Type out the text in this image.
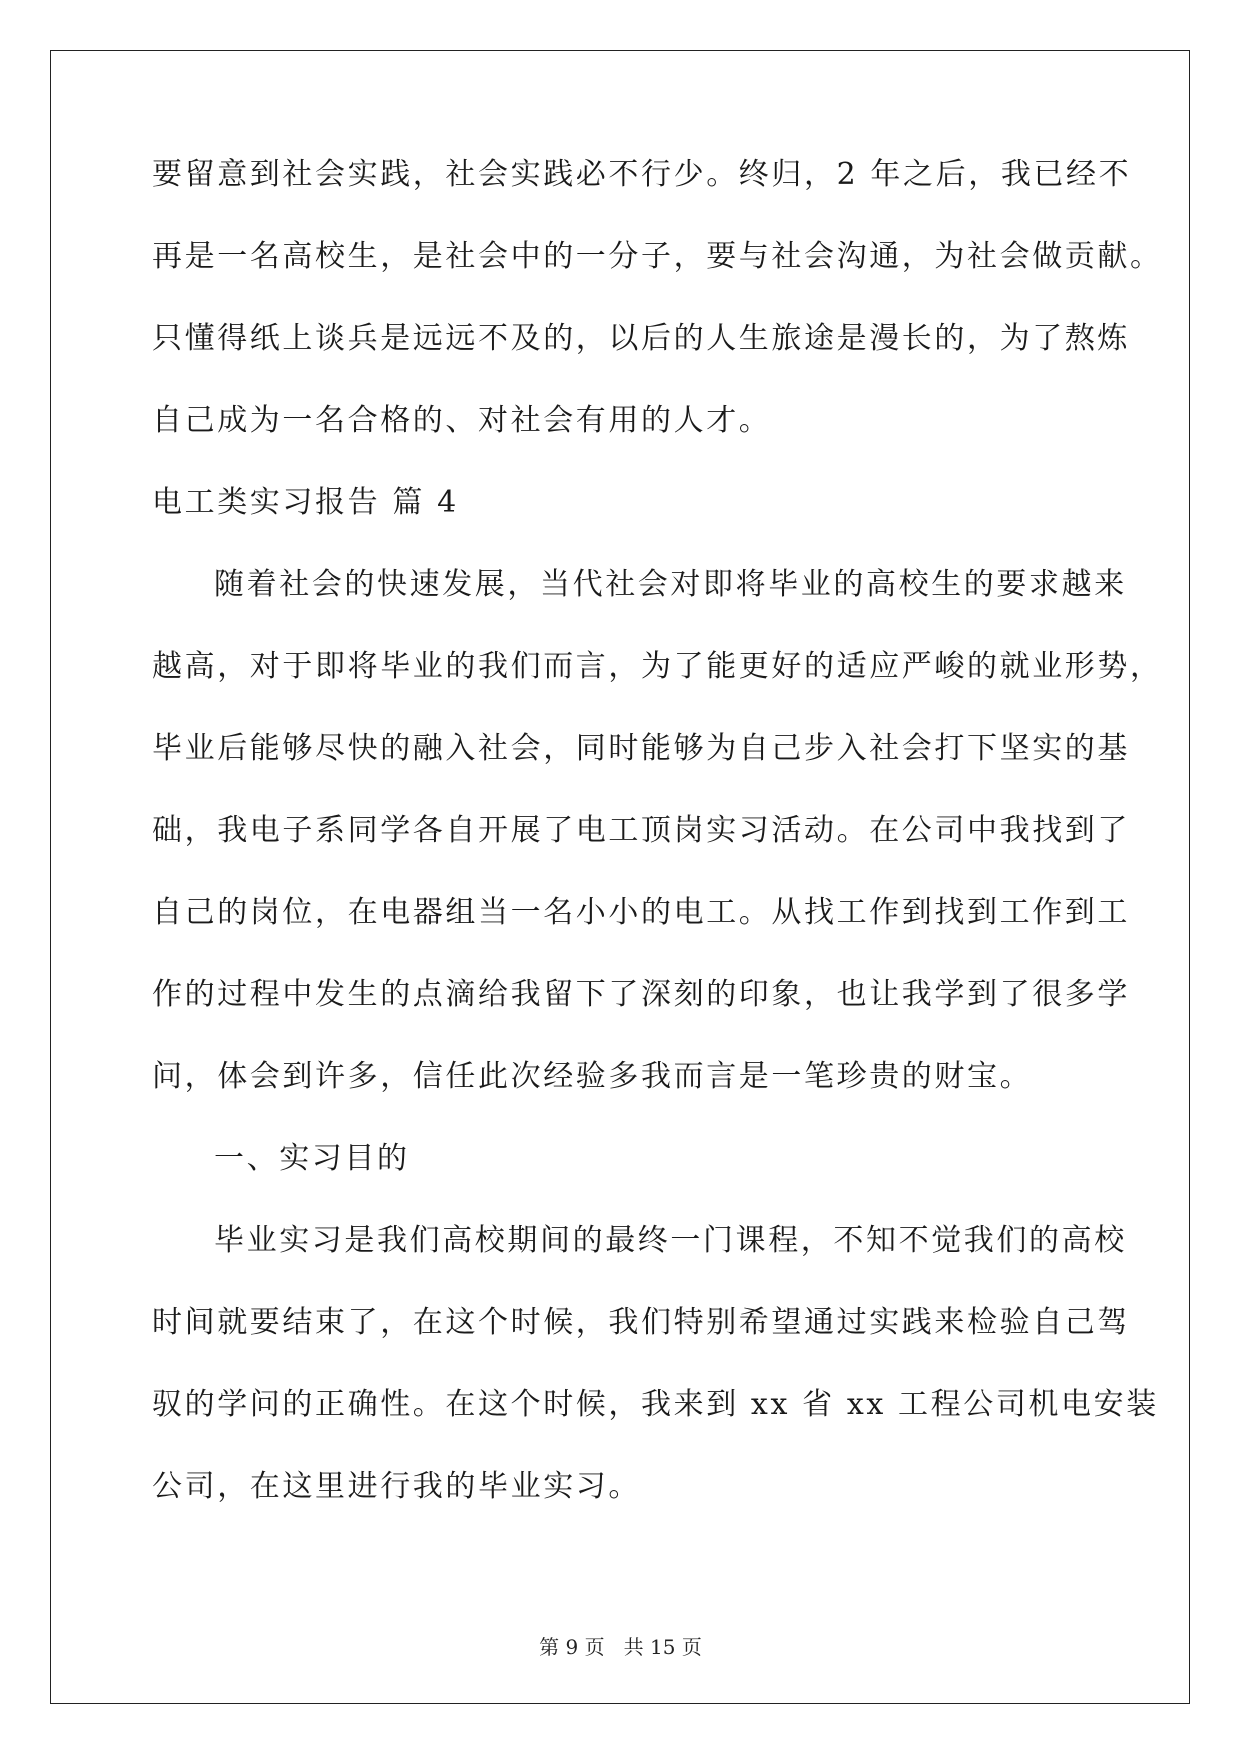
要留意到社会实践，社会实践必不行少。终归，2 年之后，我已经不

再是一名高校生，是社会中的一分子，要与社会沟通，为社会做贡献。

只懂得纸上谈兵是远远不及的，以后的人生旅途是漫长的，为了熬炼

自己成为一名合格的、对社会有用的人才。

电工类实习报告 篇 4

随着社会的快速发展，当代社会对即将毕业的高校生的要求越来

越高，对于即将毕业的我们而言，为了能更好的适应严峻的就业形势，

毕业后能够尽快的融入社会，同时能够为自己步入社会打下坚实的基

础，我电子系同学各自开展了电工顶岗实习活动。在公司中我找到了

自己的岗位，在电器组当一名小小的电工。从找工作到找到工作到工

作的过程中发生的点滴给我留下了深刻的印象，也让我学到了很多学

问，体会到许多，信任此次经验多我而言是一笔珍贵的财宝。

一、实习目的

毕业实习是我们高校期间的最终一门课程，不知不觉我们的高校

时间就要结束了，在这个时候，我们特别希望通过实践来检验自己驾

驭的学问的正确性。在这个时候，我来到 xx 省 xx 工程公司机电安装

公司，在这里进行我的毕业实习。

第 9 页 共 15 页
